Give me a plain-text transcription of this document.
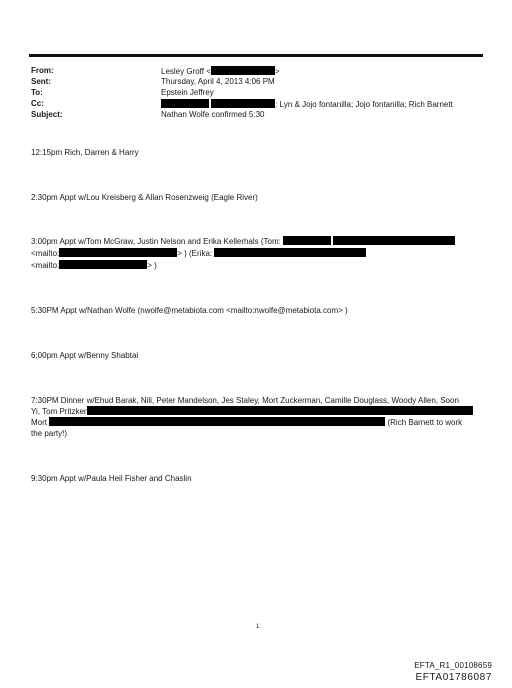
From:	Lesley Groff <	>
Sent:	Thursday, April 4, 2013 4:06 PM
To:	Epstein Jeffrey
Cc:	: Lyn & Jojo fontanilla; Jojo fontanilla; Rich Barnett
Subject:	Nathan Wolfe confirmed 5:30
12:15pm Rich, Darren & Harry
2:30pm Appt w/Lou Kreisberg & Allan Rosenzweig (Eagle River)
3:00pm Appt w/Tom McGraw, Justin Nelson and Erika Kellerhals (Tom:
<mailto:	> ) (Erika:
<mailto:	> )
5:30PM Appt w/Nathan Wolfe (nwolfe@metabiota.com <mailto:nwolfe@metabiota.com> )
6:00pm Appt w/Benny Shabtai
7:30PM Dinner w/Ehud Barak, Nili, Peter Mandelson, Jes Staley, Mort Zuckerman, Camille Douglass, Woody Allen, Soon
Yi, Tom Pritzker
Mort	(Rich Barnett to work
the party!)
9:30pm Appt w/Paula Heil Fisher and Chaslin
1
EFTA_R1_00108659
EFTA01786087
